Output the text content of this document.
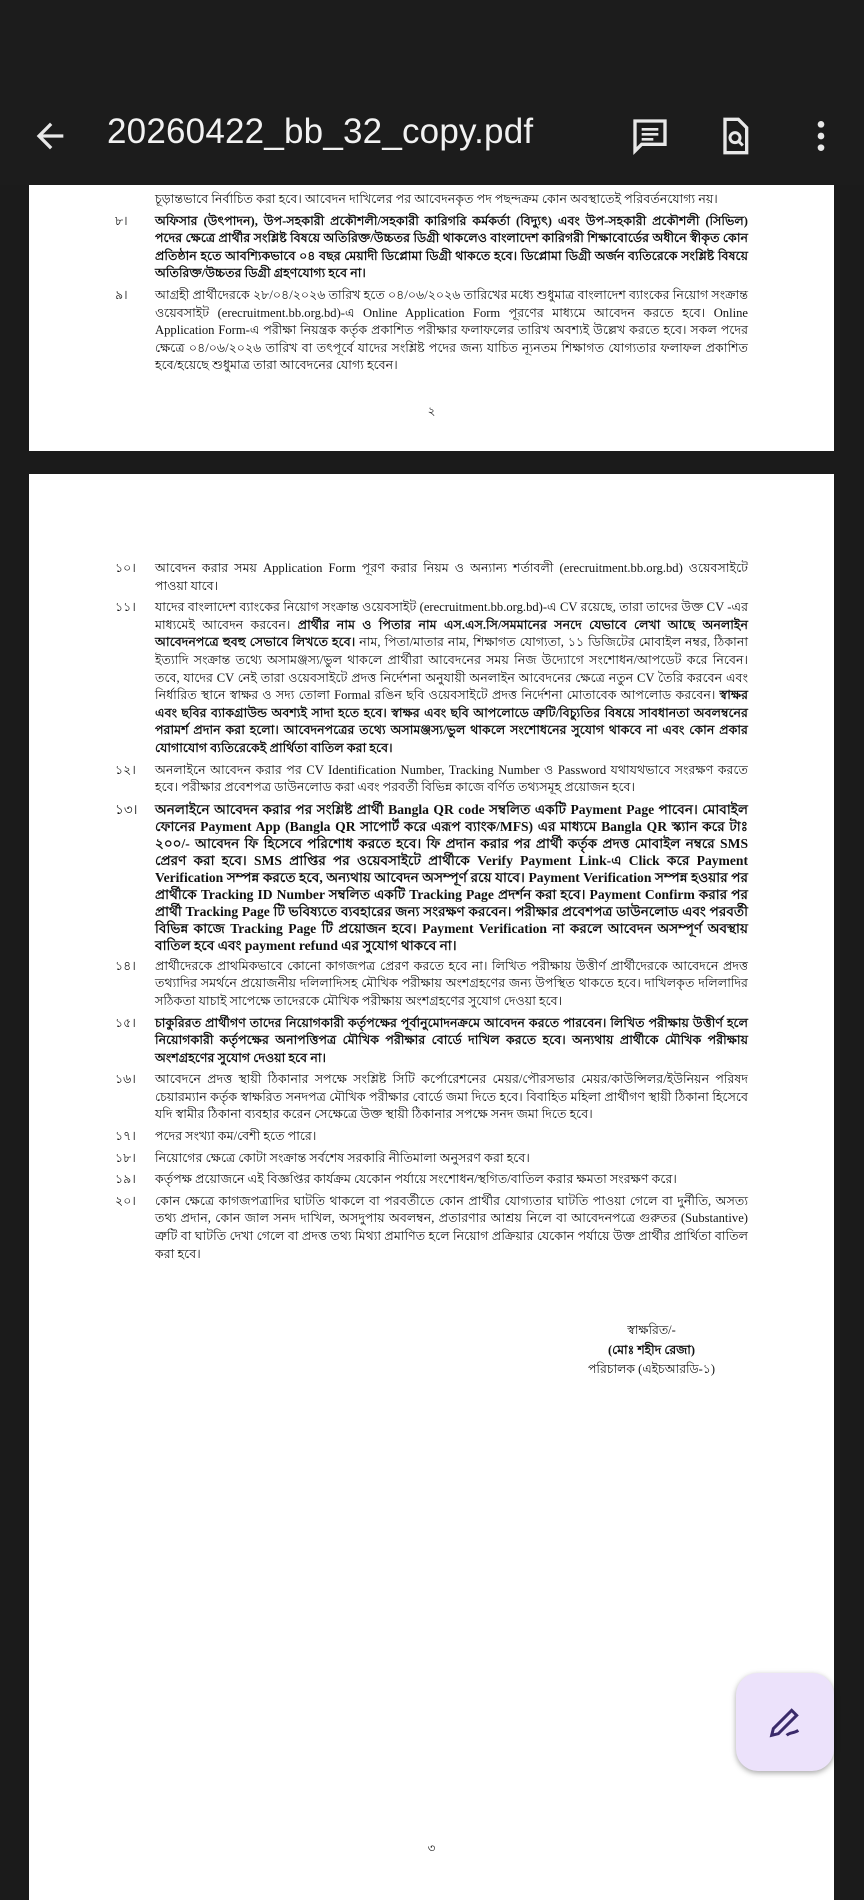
20260422_bb_32_copy.pdf
চূড়ান্তভাবে নির্বাচিত করা হবে। আবেদন দাখিলের পর আবেদনকৃত পদ পছন্দক্রম কোন অবস্থাতেই পরিবর্তনযোগ্য নয়।
৮। অফিসার (উৎপাদন), উপ-সহকারী প্রকৌশলী/সহকারী কারিগরি কর্মকর্তা (বিদ্যুৎ) এবং উপ-সহকারী প্রকৌশলী (সিভিল) পদের ক্ষেত্রে প্রার্থীর সংশ্লিষ্ট বিষয়ে অতিরিক্ত/উচ্চতর ডিগ্রী থাকলেও বাংলাদেশ কারিগরী শিক্ষাবোর্ডের অধীনে স্বীকৃত কোন প্রতিষ্ঠান হতে আবশ্যিকভাবে ০৪ বছর মেয়াদী ডিপ্লোমা ডিগ্রী থাকতে হবে। ডিপ্লোমা ডিগ্রী অর্জন ব্যতিরেকে সংশ্লিষ্ট বিষয়ে অতিরিক্ত/উচ্চতর ডিগ্রী গ্রহণযোগ্য হবে না।
৯। আগ্রহী প্রার্থীদেরকে ২৮/০৪/২০২৬ তারিখ হতে ০৪/০৬/২০২৬ তারিখের মধ্যে শুধুমাত্র বাংলাদেশ ব্যাংকের নিয়োগ সংক্রান্ত ওয়েবসাইট (erecruitment.bb.org.bd)-এ Online Application Form পূরণের মাধ্যমে আবেদন করতে হবে। Online Application Form-এ পরীক্ষা নিয়ন্ত্রক কর্তৃক প্রকাশিত পরীক্ষার ফলাফলের তারিখ অবশ্যই উল্লেখ করতে হবে। সকল পদের ক্ষেত্রে ০৪/০৬/২০২৬ তারিখ বা তৎপূর্বে যাদের সংশ্লিষ্ট পদের জন্য যাচিত ন্যূনতম শিক্ষাগত যোগ্যতার ফলাফল প্রকাশিত হবে/হয়েছে শুধুমাত্র তারা আবেদনের যোগ্য হবেন।
২
১০। আবেদন করার সময় Application Form পূরণ করার নিয়ম ও অন্যান্য শর্তাবলী (erecruitment.bb.org.bd) ওয়েবসাইটে পাওয়া যাবে।
১১। যাদের বাংলাদেশ ব্যাংকের নিয়োগ সংক্রান্ত ওয়েবসাইট (erecruitment.bb.org.bd)-এ CV রয়েছে, তারা তাদের উক্ত CV -এর মাধ্যমেই আবেদন করবেন। প্রার্থীর নাম ও পিতার নাম এস.এস.সি/সমমানের সনদে যেভাবে লেখা আছে অনলাইন আবেদনপত্রে হুবহু সেভাবে লিখতে হবে। নাম, পিতা/মাতার নাম, শিক্ষাগত যোগ্যতা, ১১ ডিজিটের মোবাইল নম্বর, ঠিকানা ইত্যাদি সংক্রান্ত তথ্যে অসামঞ্জস্য/ভুল থাকলে প্রার্থীরা আবেদনের সময় নিজ উদ্যোগে সংশোধন/আপডেট করে নিবেন। তবে, যাদের CV নেই তারা ওয়েবসাইটে প্রদত্ত নির্দেশনা অনুযায়ী অনলাইন আবেদনের ক্ষেত্রে নতুন CV তৈরি করবেন এবং নির্ধারিত স্থানে স্বাক্ষর ও সদ্য তোলা Formal রঙিন ছবি ওয়েবসাইটে প্রদত্ত নির্দেশনা মোতাবেক আপলোড করবেন। স্বাক্ষর এবং ছবির ব্যাকগ্রাউন্ড অবশ্যই সাদা হতে হবে। স্বাক্ষর এবং ছবি আপলোডে ত্রুটি/বিচ্যুতির বিষয়ে সাবধানতা অবলম্বনের পরামর্শ প্রদান করা হলো। আবেদনপত্রের তথ্যে অসামঞ্জস্য/ভুল থাকলে সংশোধনের সুযোগ থাকবে না এবং কোন প্রকার যোগাযোগ ব্যতিরেকেই প্রার্থিতা বাতিল করা হবে।
১২। অনলাইনে আবেদন করার পর CV Identification Number, Tracking Number ও Password যথাযথভাবে সংরক্ষণ করতে হবে। পরীক্ষার প্রবেশপত্র ডাউনলোড করা এবং পরবর্তী বিভিন্ন কাজে বর্ণিত তথ্যসমূহ প্রয়োজন হবে।
১৩। অনলাইনে আবেদন করার পর সংশ্লিষ্ট প্রার্থী Bangla QR code সম্বলিত একটি Payment Page পাবেন। মোবাইল ফোনের Payment App (Bangla QR সাপোর্ট করে এরূপ ব্যাংক/MFS) এর মাধ্যমে Bangla QR স্ক্যান করে টাঃ ২০০/- আবেদন ফি হিসেবে পরিশোধ করতে হবে। ফি প্রদান করার পর প্রার্থী কর্তৃক প্রদত্ত মোবাইল নম্বরে SMS প্রেরণ করা হবে। SMS প্রাপ্তির পর ওয়েবসাইটে প্রার্থীকে Verify Payment Link-এ Click করে Payment Verification সম্পন্ন করতে হবে, অন্যথায় আবেদন অসম্পূর্ণ রয়ে যাবে। Payment Verification সম্পন্ন হওয়ার পর প্রার্থীকে Tracking ID Number সম্বলিত একটি Tracking Page প্রদর্শন করা হবে। Payment Confirm করার পর প্রার্থী Tracking Page টি ভবিষ্যতে ব্যবহারের জন্য সংরক্ষণ করবেন। পরীক্ষার প্রবেশপত্র ডাউনলোড এবং পরবর্তী বিভিন্ন কাজে Tracking Page টি প্রয়োজন হবে। Payment Verification না করলে আবেদন অসম্পূর্ণ অবস্থায় বাতিল হবে এবং payment refund এর সুযোগ থাকবে না।
১৪। প্রার্থীদেরকে প্রাথমিকভাবে কোনো কাগজপত্র প্রেরণ করতে হবে না। লিখিত পরীক্ষায় উত্তীর্ণ প্রার্থীদেরকে আবেদনে প্রদত্ত তথ্যাদির সমর্থনে প্রয়োজনীয় দলিলাদিসহ মৌখিক পরীক্ষায় অংশগ্রহণের জন্য উপস্থিত থাকতে হবে। দাখিলকৃত দলিলাদির সঠিকতা যাচাই সাপেক্ষে তাদেরকে মৌখিক পরীক্ষায় অংশগ্রহণের সুযোগ দেওয়া হবে।
১৫। চাকুরিরত প্রার্থীগণ তাদের নিয়োগকারী কর্তৃপক্ষের পূর্বানুমোদনক্রমে আবেদন করতে পারবেন। লিখিত পরীক্ষায় উত্তীর্ণ হলে নিয়োগকারী কর্তৃপক্ষের অনাপত্তিপত্র মৌখিক পরীক্ষার বোর্ডে দাখিল করতে হবে। অন্যথায় প্রার্থীকে মৌখিক পরীক্ষায় অংশগ্রহণের সুযোগ দেওয়া হবে না।
১৬। আবেদনে প্রদত্ত স্থায়ী ঠিকানার সপক্ষে সংশ্লিষ্ট সিটি কর্পোরেশনের মেয়র/পৌরসভার মেয়র/কাউন্সিলর/ইউনিয়ন পরিষদ চেয়ারম্যান কর্তৃক স্বাক্ষরিত সনদপত্র মৌখিক পরীক্ষার বোর্ডে জমা দিতে হবে। বিবাহিত মহিলা প্রার্থীগণ স্থায়ী ঠিকানা হিসেবে যদি স্বামীর ঠিকানা ব্যবহার করেন সেক্ষেত্রে উক্ত স্থায়ী ঠিকানার সপক্ষে সনদ জমা দিতে হবে।
১৭। পদের সংখ্যা কম/বেশী হতে পারে।
১৮। নিয়োগের ক্ষেত্রে কোটা সংক্রান্ত সর্বশেষ সরকারি নীতিমালা অনুসরণ করা হবে।
১৯। কর্তৃপক্ষ প্রয়োজনে এই বিজ্ঞপ্তির কার্যক্রম যেকোন পর্যায়ে সংশোধন/স্থগিত/বাতিল করার ক্ষমতা সংরক্ষণ করে।
২০। কোন ক্ষেত্রে কাগজপত্রাদির ঘাটতি থাকলে বা পরবর্তীতে কোন প্রার্থীর যোগ্যতার ঘাটতি পাওয়া গেলে বা দুর্নীতি, অসত্য তথ্য প্রদান, কোন জাল সনদ দাখিল, অসদুপায় অবলম্বন, প্রতারণার আশ্রয় নিলে বা আবেদনপত্রে গুরুতর (Substantive) ত্রুটি বা ঘাটতি দেখা গেলে বা প্রদত্ত তথ্য মিথ্যা প্রমাণিত হলে নিয়োগ প্রক্রিয়ার যেকোন পর্যায়ে উক্ত প্রার্থীর প্রার্থিতা বাতিল করা হবে।
স্বাক্ষরিত/-
(মোঃ শহীদ রেজা)
পরিচালক (এইচআরডি-১)
৩
